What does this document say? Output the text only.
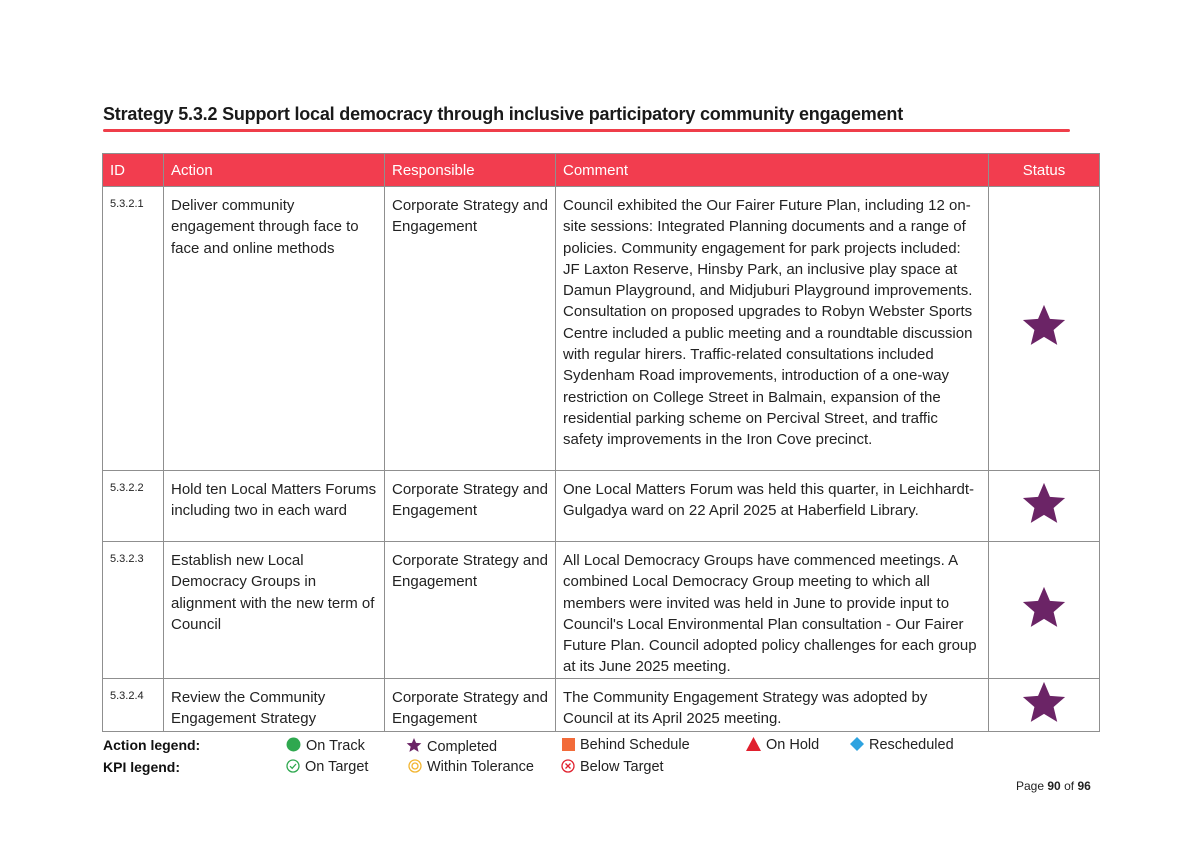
Strategy 5.3.2 Support local democracy through inclusive participatory community engagement
ID	Action	Responsible	Comment	Status
5.3.2.1	Deliver community engagement through face to face and online methods	Corporate Strategy and Engagement	Council exhibited the Our Fairer Future Plan, including 12 on-site sessions: Integrated Planning documents and a range of policies. Community engagement for park projects included: JF Laxton Reserve, Hinsby Park, an inclusive play space at Damun Playground, and Midjuburi Playground improvements. Consultation on proposed upgrades to Robyn Webster Sports Centre included a public meeting and a roundtable discussion with regular hirers. Traffic-related consultations included Sydenham Road improvements, introduction of a one-way restriction on College Street in Balmain, expansion of the residential parking scheme on Percival Street, and traffic safety improvements in the Iron Cove precinct.	

5.3.2.2	Hold ten Local Matters Forums including two in each ward	Corporate Strategy and Engagement	One Local Matters Forum was held this quarter, in Leichhardt-Gulgadya ward on 22 April 2025 at Haberfield Library.	

5.3.2.3	Establish new Local Democracy Groups in alignment with the new term of Council	Corporate Strategy and Engagement	All Local Democracy Groups have commenced meetings. A combined Local Democracy Group meeting to which all members were invited was held in June to provide input to Council's Local Environmental Plan consultation - Our Fairer Future Plan. Council adopted policy challenges for each group at its June 2025 meeting.	

5.3.2.4	Review the Community Engagement Strategy	Corporate Strategy and Engagement	The Community Engagement Strategy was adopted by Council at its April 2025 meeting.	
Action legend:
KPI legend:
On Track	Completed	Behind Schedule	On Hold	Rescheduled
On Target	Within Tolerance	Below Target
Page 90 of 96
